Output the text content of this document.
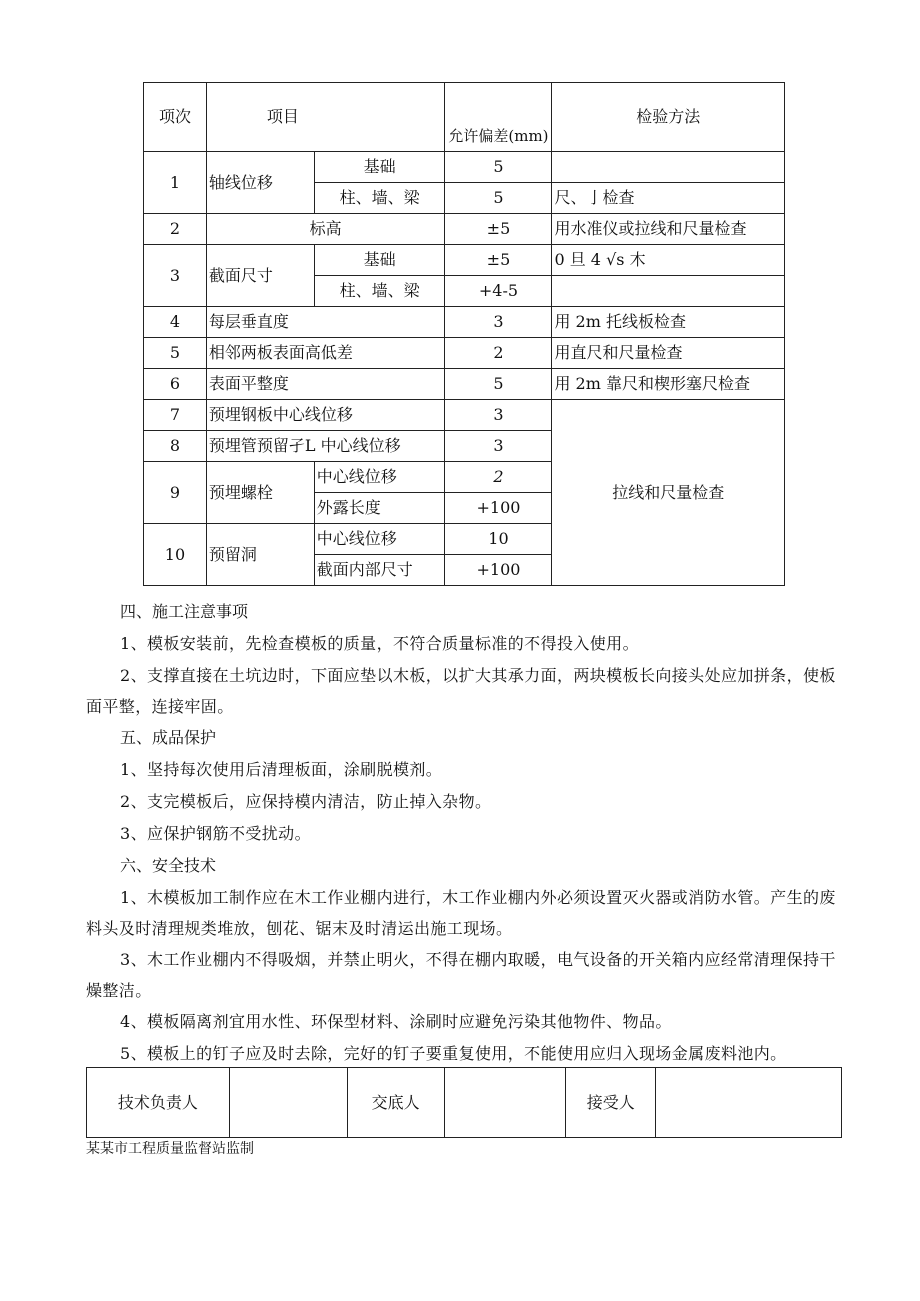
项次	项目		允许偏差(mm)	检验方法
1	轴线位移	基础	5	
		柱、墙、梁	5	尺、亅检查
2	标高		±5	用水准仪或拉线和尺量检查
3	截面尺寸	基础	±5	0 旦 4 √s 木
		柱、墙、梁	+4-5	
4	每层垂直度		3	用 2m 托线板检查
5	相邻两板表面高低差		2	用直尺和尺量检查
6	表面平整度		5	用 2m 靠尺和楔形塞尺检查
7	预埋钢板中心线位移		3	拉线和尺量检查
8	预埋管预留孑L 中心线位移		3	
9	预埋螺栓	中心线位移	2	
		外露长度	+100	
10	预留洞	中心线位移	10	
		截面内部尺寸	+100	

四、施工注意事项

1、模板安装前，先检查模板的质量，不符合质量标准的不得投入使用。

2、支撑直接在土坑边时，下面应垫以木板，以扩大其承力面，两块模板长向接头处应加拼条，使板面平整，连接牢固。

五、成品保护

1、坚持每次使用后清理板面，涂刷脱模剂。

2、支完模板后，应保持模内清洁，防止掉入杂物。

3、应保护钢筋不受扰动。

六、安全技术

1、木模板加工制作应在木工作业棚内进行，木工作业棚内外必须设置灭火器或消防水管。产生的废料头及时清理规类堆放，刨花、锯末及时清运出施工现场。

3、木工作业棚内不得吸烟，并禁止明火，不得在棚内取暖，电气设备的开关箱内应经常清理保持干燥整洁。

4、模板隔离剂宜用水性、环保型材料、涂刷时应避免污染其他物件、物品。

5、模板上的钉子应及时去除，完好的钉子要重复使用，不能使用应归入现场金属废料池内。

技术负责人		交底人		接受人	
某某市工程质量监督站监制
